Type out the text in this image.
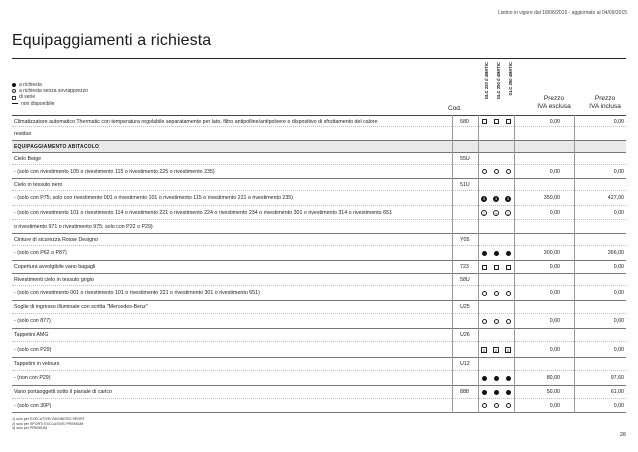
Listino in vigore dal 18/06/2015 - aggiornato al 04/09/2015
Equipaggiamenti a richiesta
a richiesta
a richiesta senza sovrapprezzo
di serie
non disponibile
GLC 220 d 4MATIC GLC 250 d 4MATIC GLC 250 4MATIC
Cod.
Prezzo
IVA esclusa
Prezzo
IVA inclusa
Climatizzatore automatico Thermatic con temperatura regolabile separatamente per lato, filtro antipolline/antipolvere e dispositivo di sfruttamento del calore	580	0,00	0,00
residuo
EQUIPAGGIAMENTO ABITACOLO
Cielo Beige	55U
- (solo con rivestimento 105 o rivestimento 115 o rivestimento 225 o rivestimento 235)	0,00	0,00
Cielo in tessuto nero	51U
- (solo con P75; solo con rivestimento 001 o rivestimento 101 o rivestimento 115 o rivestimento 221 o rivestimento 235)	3	3	3	350,00	427,00
- (solo con rivestimento 101 o rivestimento 114 o rivestimento 221 o rivestimento 224 o rivestimento 234 o rivestimento 301 o rivestimento 314 o rivestimento 651	1	1	1	0,00	0,00
o rivestimento 971 o rivestimento 975; solo con P22 o P29)
Cinture di sicurezza Rosse Designo	Y05
- (solo con P62 o P87)	300,00	366,00
Copertura avvolgibile vano bagagli	723	0,00	0,00
Rivestimenti cielo in tessuto grigio	58U
- (solo con rivestimento 001 o rivestimento 101 o rivestimento 221 o rivestimento 301 o rivestimento 651)	0,00	0,00
Soglie di ingresso illuminate con scritta "Mercedes-Benz"	U25
- (solo con 877)	0,00	0,00
Tappetini AMG	U26
- (solo con P29)	2	2	2	0,00	0,00
Tappetini in velours	U12
- (non con P29)	80,00	97,60
Vano portaoggetti sotto il pianale di carico	888	50,00	61,00
- (solo con 30P)	0,00	0,00
1) solo per EXECUTIVE/ BUSINESS/ SPORT
2) solo per SPORT/ EXCLUSIVE/ PREMIUM
3) solo per PREMIUM
28
